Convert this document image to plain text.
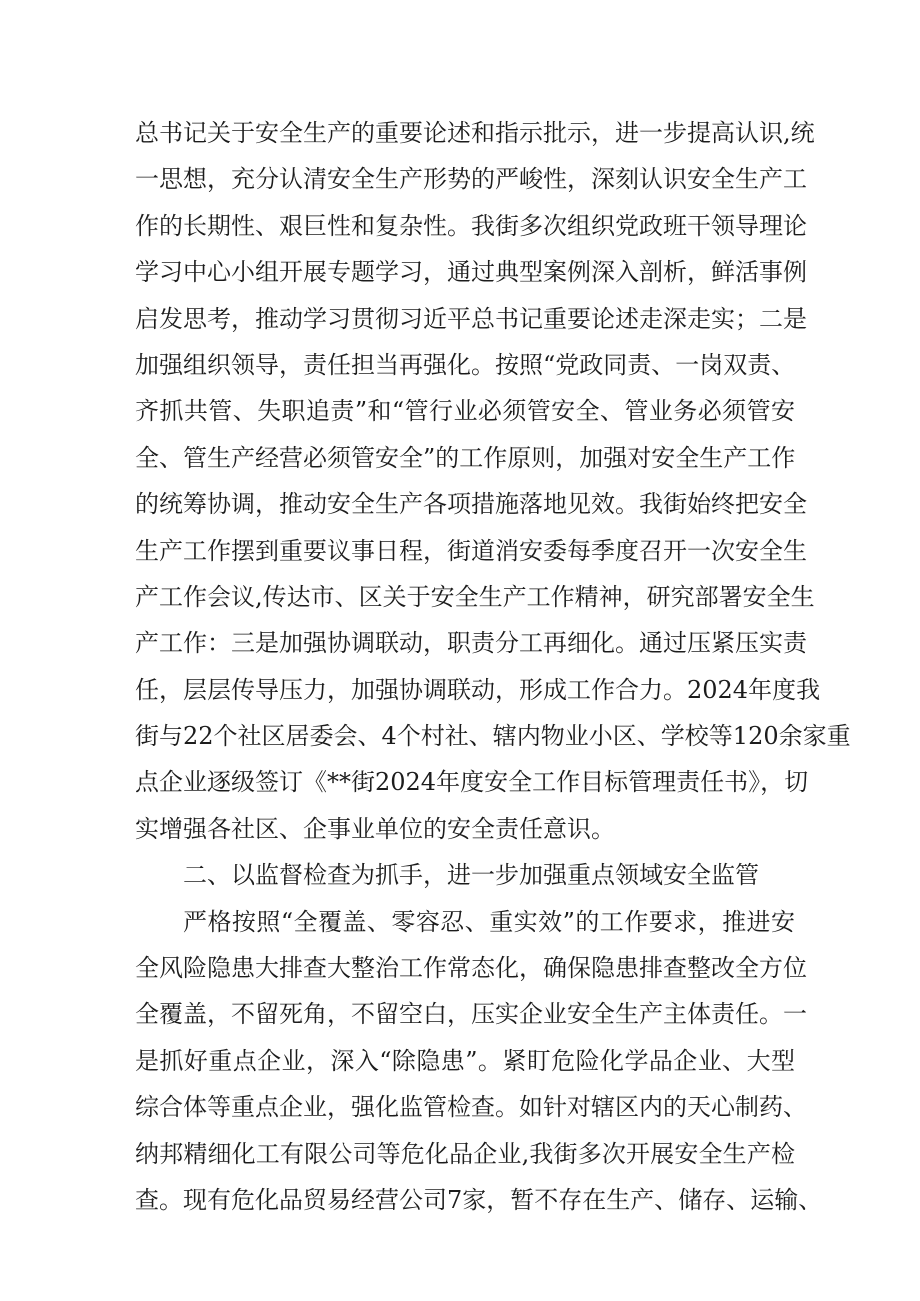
总书记关于安全生产的重要论述和指示批示，进一步提高认识,统
一思想，充分认清安全生产形势的严峻性，深刻认识安全生产工
作的长期性、艰巨性和复杂性。我街多次组织党政班干领导理论
学习中心小组开展专题学习，通过典型案例深入剖析，鲜活事例
启发思考，推动学习贯彻习近平总书记重要论述走深走实；二是
加强组织领导，责任担当再强化。按照“党政同责、一岗双责、
齐抓共管、失职追责”和“管行业必须管安全、管业务必须管安
全、管生产经营必须管安全”的工作原则，加强对安全生产工作
的统筹协调，推动安全生产各项措施落地见效。我街始终把安全
生产工作摆到重要议事日程，街道消安委每季度召开一次安全生
产工作会议,传达市、区关于安全生产工作精神，研究部署安全生
产工作：三是加强协调联动，职责分工再细化。通过压紧压实责
任，层层传导压力，加强协调联动，形成工作合力。2024年度我
街与22个社区居委会、4个村社、辖内物业小区、学校等120余家重
点企业逐级签订《**街2024年度安全工作目标管理责任书》，切
实增强各社区、企事业单位的安全责任意识。
二、以监督检查为抓手，进一步加强重点领域安全监管
严格按照“全覆盖、零容忍、重实效”的工作要求，推进安
全风险隐患大排查大整治工作常态化，确保隐患排查整改全方位
全覆盖，不留死角，不留空白，压实企业安全生产主体责任。一
是抓好重点企业，深入“除隐患”。紧盯危险化学品企业、大型
综合体等重点企业，强化监管检查。如针对辖区内的天心制药、
纳邦精细化工有限公司等危化品企业,我街多次开展安全生产检
查。现有危化品贸易经营公司7家，暂不存在生产、储存、运输、
